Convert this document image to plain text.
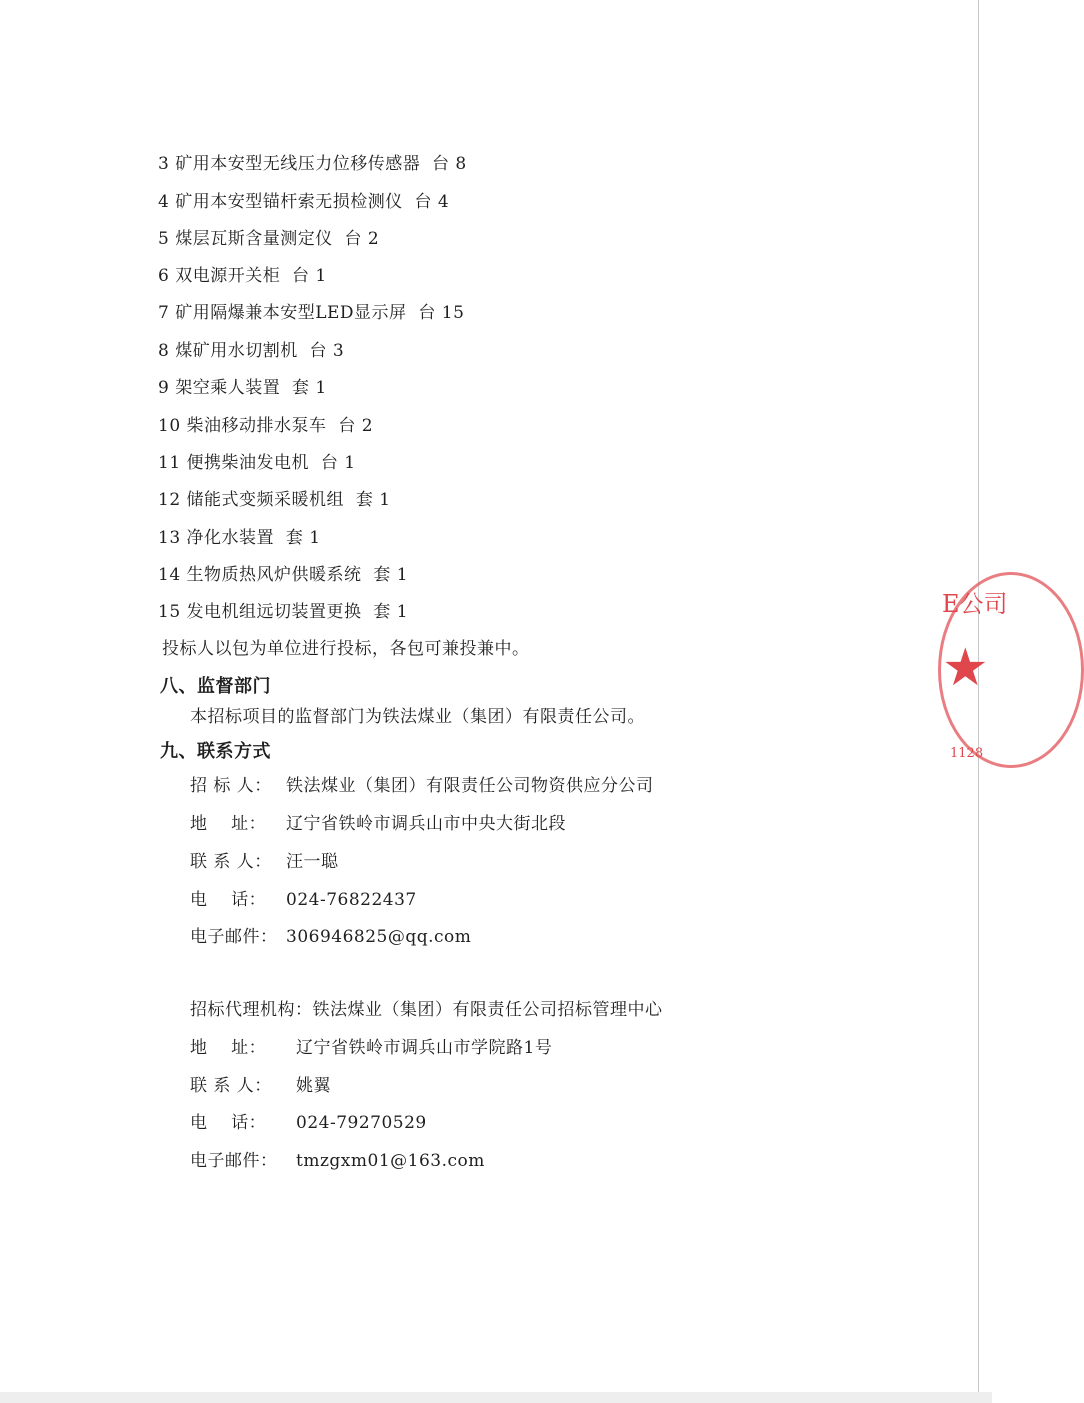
3 矿用本安型无线压力位移传感器  台 8
4 矿用本安型锚杆索无损检测仪  台 4
5 煤层瓦斯含量测定仪  台 2
6 双电源开关柜  台 1
7 矿用隔爆兼本安型LED显示屏  台 15
8 煤矿用水切割机  台 3
9 架空乘人装置  套 1
10 柴油移动排水泵车  台 2
11 便携柴油发电机  台 1
12 储能式变频采暖机组  套 1
13 净化水装置  套 1
14 生物质热风炉供暖系统  套 1
15 发电机组远切装置更换  套 1
投标人以包为单位进行投标，各包可兼投兼中。
八、监督部门
本招标项目的监督部门为铁法煤业（集团）有限责任公司。
九、联系方式
招 标 人： 铁法煤业（集团）有限责任公司物资供应分公司
地    址： 辽宁省铁岭市调兵山市中央大街北段
联 系 人： 汪一聪
电    话： 024-76822437
电子邮件： 306946825@qq.com
招标代理机构：铁法煤业（集团）有限责任公司招标管理中心
地    址： 辽宁省铁岭市调兵山市学院路1号
联 系 人： 姚翼
电    话： 024-79270529
电子邮件： tmzgxm01@163.com
E公司
★
1128
